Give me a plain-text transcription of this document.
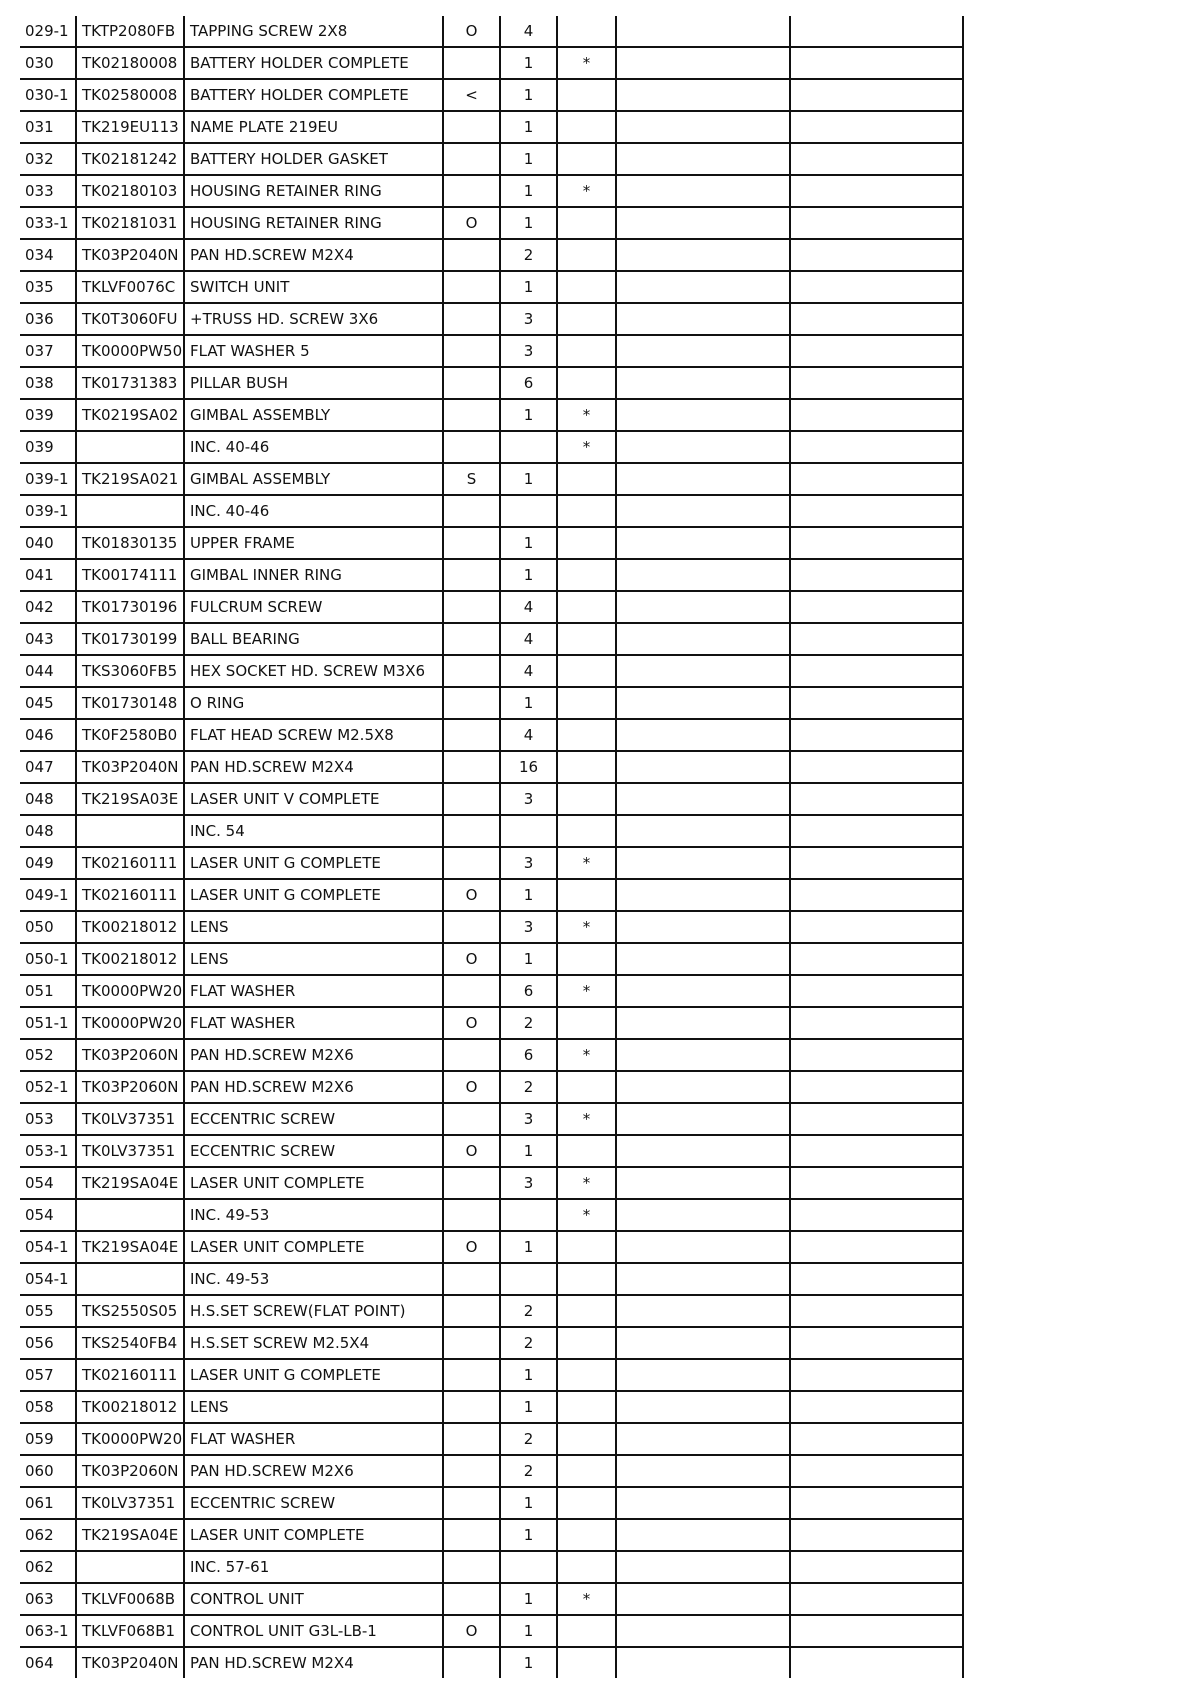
029-1	TKTP2080FB	TAPPING SCREW 2X8	O	4			
030	TK02180008	BATTERY HOLDER COMPLETE		1	*		
030-1	TK02580008	BATTERY HOLDER COMPLETE	<	1			
031	TK219EU113	NAME PLATE 219EU		1			
032	TK02181242	BATTERY HOLDER GASKET		1			
033	TK02180103	HOUSING RETAINER RING		1	*		
033-1	TK02181031	HOUSING RETAINER RING	O	1			
034	TK03P2040N	PAN HD.SCREW M2X4		2			
035	TKLVF0076C	SWITCH UNIT		1			
036	TK0T3060FU	+TRUSS HD. SCREW 3X6		3			
037	TK0000PW50	FLAT WASHER 5		3			
038	TK01731383	PILLAR BUSH		6			
039	TK0219SA02	GIMBAL ASSEMBLY		1	*		
039		INC. 40-46			*		
039-1	TK219SA021	GIMBAL ASSEMBLY	S	1			
039-1		INC. 40-46					
040	TK01830135	UPPER FRAME		1			
041	TK00174111	GIMBAL INNER RING		1			
042	TK01730196	FULCRUM SCREW		4			
043	TK01730199	BALL BEARING		4			
044	TKS3060FB5	HEX SOCKET HD. SCREW M3X6		4			
045	TK01730148	O RING		1			
046	TK0F2580B0	FLAT HEAD SCREW M2.5X8		4			
047	TK03P2040N	PAN HD.SCREW M2X4		16			
048	TK219SA03E	LASER UNIT V COMPLETE		3			
048		INC. 54					
049	TK02160111	LASER UNIT G COMPLETE		3	*		
049-1	TK02160111	LASER UNIT G COMPLETE	O	1			
050	TK00218012	LENS		3	*		
050-1	TK00218012	LENS	O	1			
051	TK0000PW20	FLAT WASHER		6	*		
051-1	TK0000PW20	FLAT WASHER	O	2			
052	TK03P2060N	PAN HD.SCREW M2X6		6	*		
052-1	TK03P2060N	PAN HD.SCREW M2X6	O	2			
053	TK0LV37351	ECCENTRIC SCREW		3	*		
053-1	TK0LV37351	ECCENTRIC SCREW	O	1			
054	TK219SA04E	LASER UNIT COMPLETE		3	*		
054		INC. 49-53			*		
054-1	TK219SA04E	LASER UNIT COMPLETE	O	1			
054-1		INC. 49-53					
055	TKS2550S05	H.S.SET SCREW(FLAT POINT)		2			
056	TKS2540FB4	H.S.SET SCREW M2.5X4		2			
057	TK02160111	LASER UNIT G COMPLETE		1			
058	TK00218012	LENS		1			
059	TK0000PW20	FLAT WASHER		2			
060	TK03P2060N	PAN HD.SCREW M2X6		2			
061	TK0LV37351	ECCENTRIC SCREW		1			
062	TK219SA04E	LASER UNIT COMPLETE		1			
062		INC. 57-61					
063	TKLVF0068B	CONTROL UNIT		1	*		
063-1	TKLVF068B1	CONTROL UNIT G3L-LB-1	O	1			
064	TK03P2040N	PAN HD.SCREW M2X4		1			
